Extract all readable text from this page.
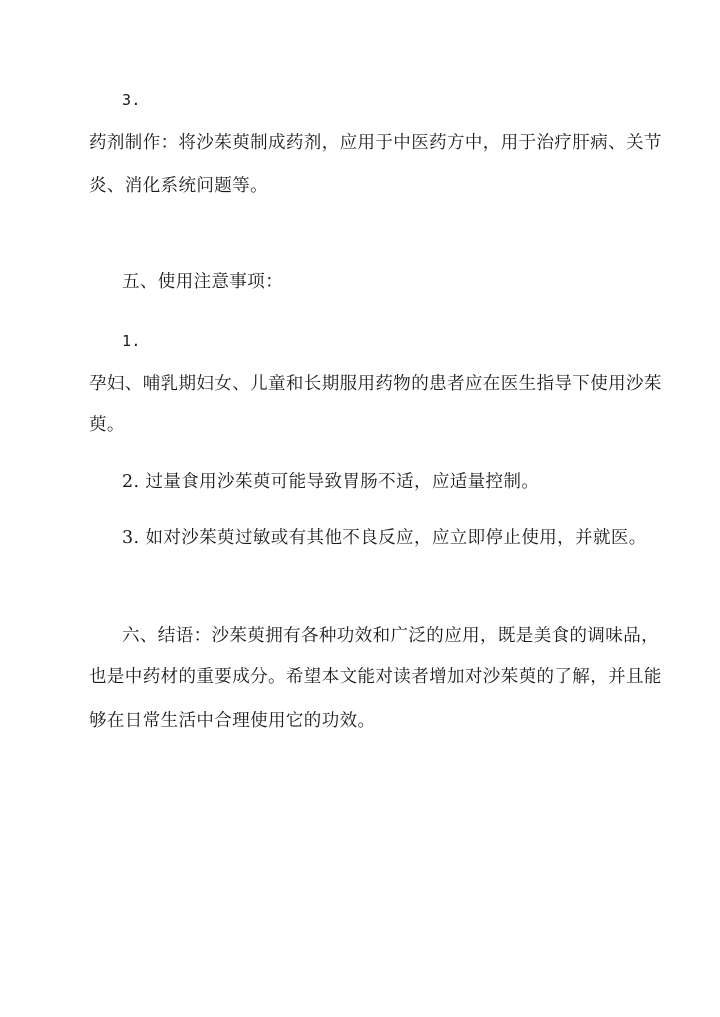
3.
药剂制作：将沙茱萸制成药剂，应用于中医药方中，用于治疗肝病、关节
炎、消化系统问题等。
五、使用注意事项：
1.
孕妇、哺乳期妇女、儿童和长期服用药物的患者应在医生指导下使用沙茱
萸。
2. 过量食用沙茱萸可能导致胃肠不适，应适量控制。
3. 如对沙茱萸过敏或有其他不良反应，应立即停止使用，并就医。
六、结语：沙茱萸拥有各种功效和广泛的应用，既是美食的调味品，
也是中药材的重要成分。希望本文能对读者增加对沙茱萸的了解，并且能
够在日常生活中合理使用它的功效。
